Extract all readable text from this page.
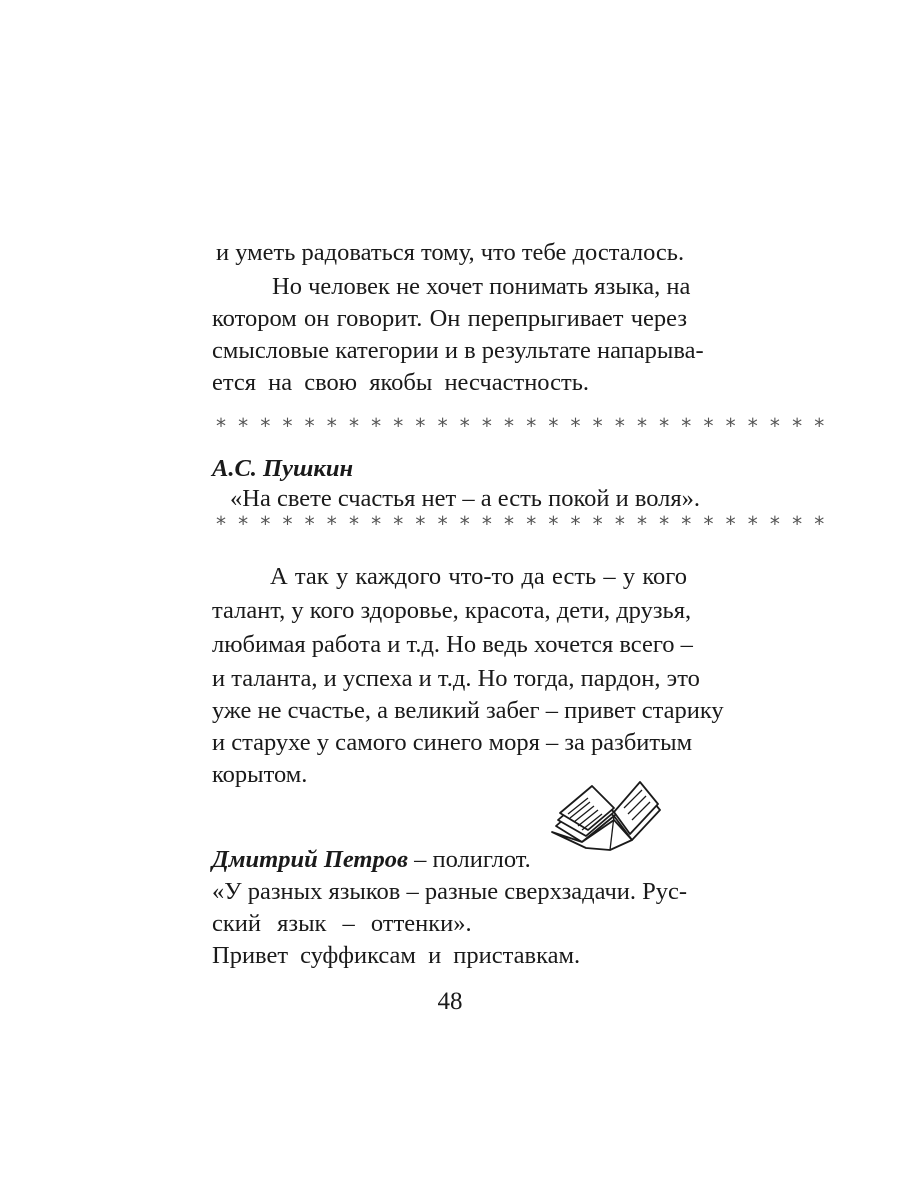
и уметь радоваться тому, что тебе досталось.
Но человек не хочет понимать языка, на
котором он говорит. Он перепрыгивает через
смысловые категории и в результате напарыва-
ется на свою якобы несчастность.
* * * * * * * * * * * * * * * * * * * * * * * * * * * *
А.С. Пушкин
«На свете счастья нет – а есть покой и воля».
* * * * * * * * * * * * * * * * * * * * * * * * * * * *
А так у каждого что-то да есть – у кого
талант, у кого здоровье, красота, дети, друзья,
любимая работа и т.д. Но ведь хочется всего –
и таланта, и успеха и т.д. Но тогда, пардон, это
уже не счастье, а великий забег – привет старику
и старухе у самого синего моря – за разбитым
корытом.
Дмитрий Петров – полиглот.
«У разных языков – разные сверхзадачи. Рус-
ский язык – оттенки».
Привет суффиксам и приставкам.
48
